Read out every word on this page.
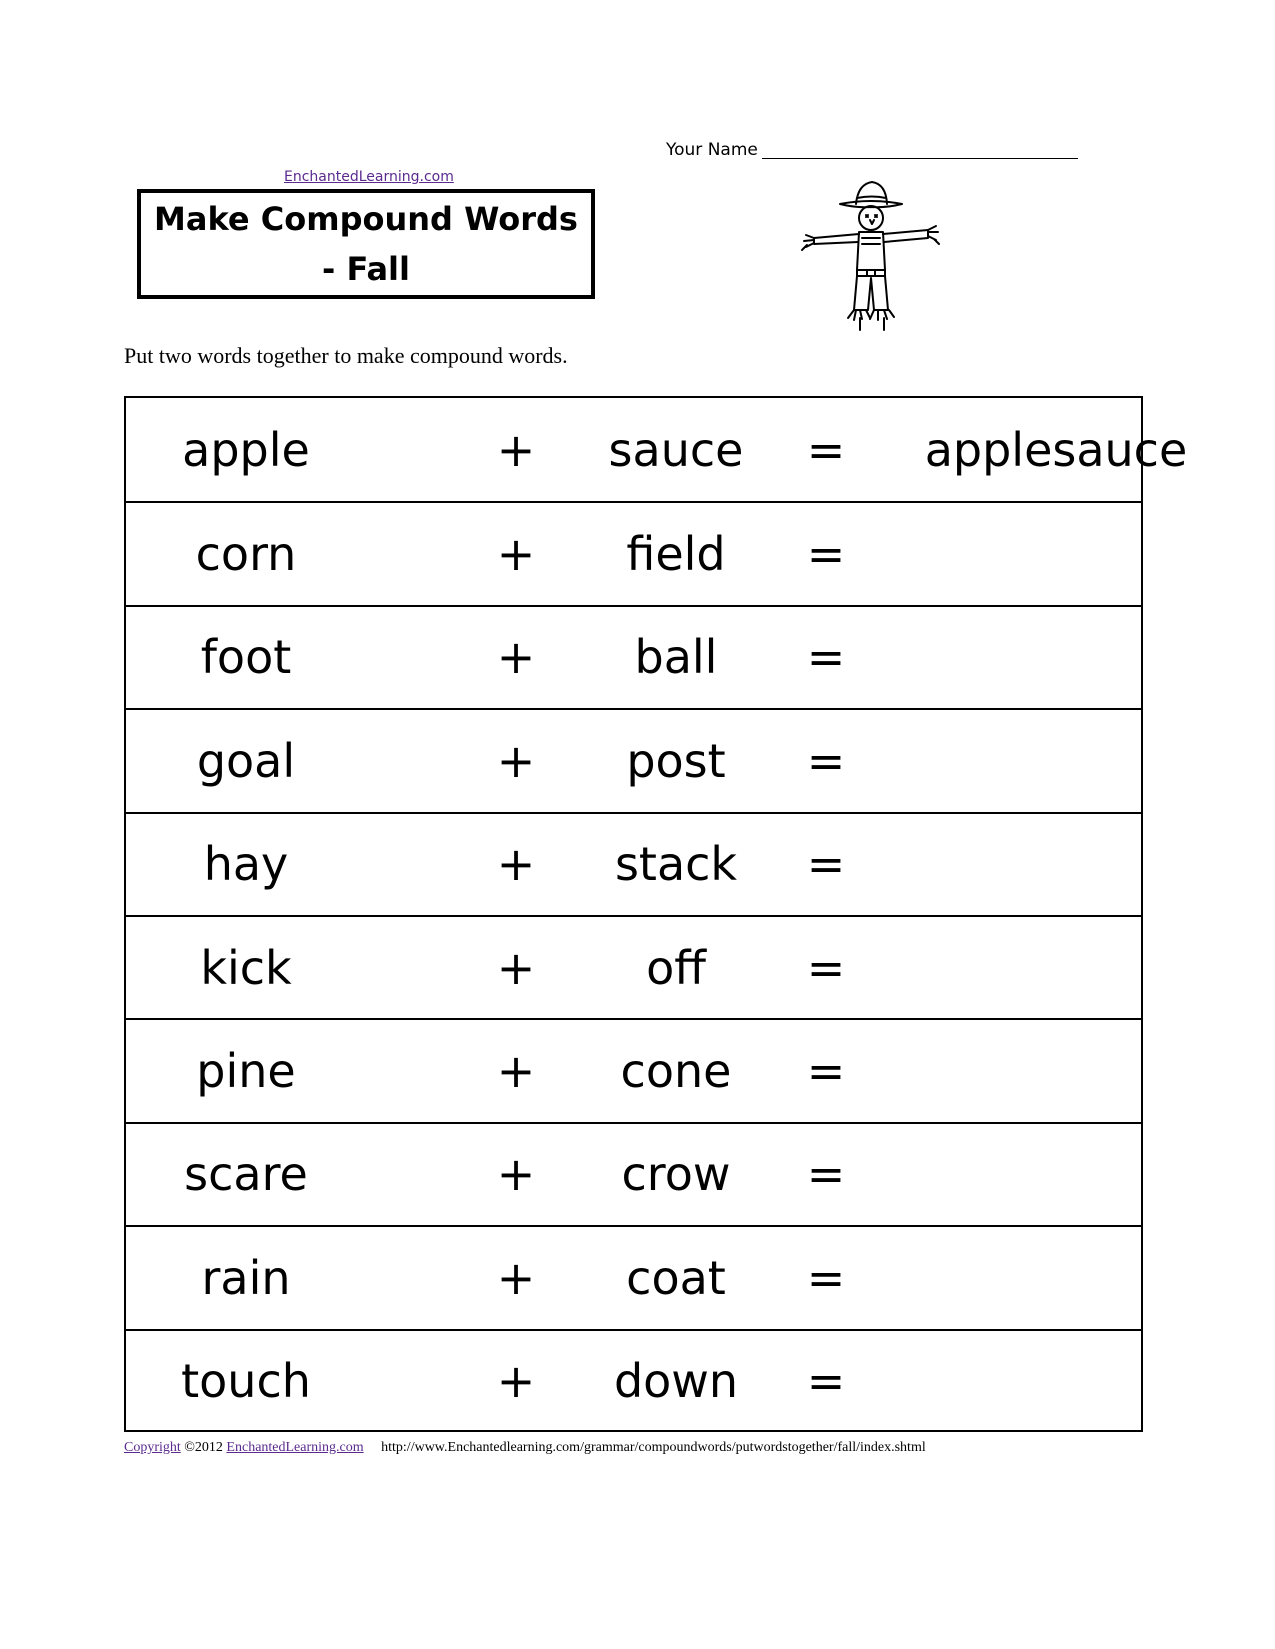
EnchantedLearning.com
Make Compound Words - Fall
Your Name
Put two words together to make compound words.
apple	+	sauce	=	applesauce
corn	+	field	=
foot	+	ball	=
goal	+	post	=
hay	+	stack	=
kick	+	off	=
pine	+	cone	=
scare	+	crow	=
rain	+	coat	=
touch	+	down	=
Copyright ©2012 EnchantedLearning.com http://www.Enchantedlearning.com/grammar/compoundwords/putwordstogether/fall/index.shtml
